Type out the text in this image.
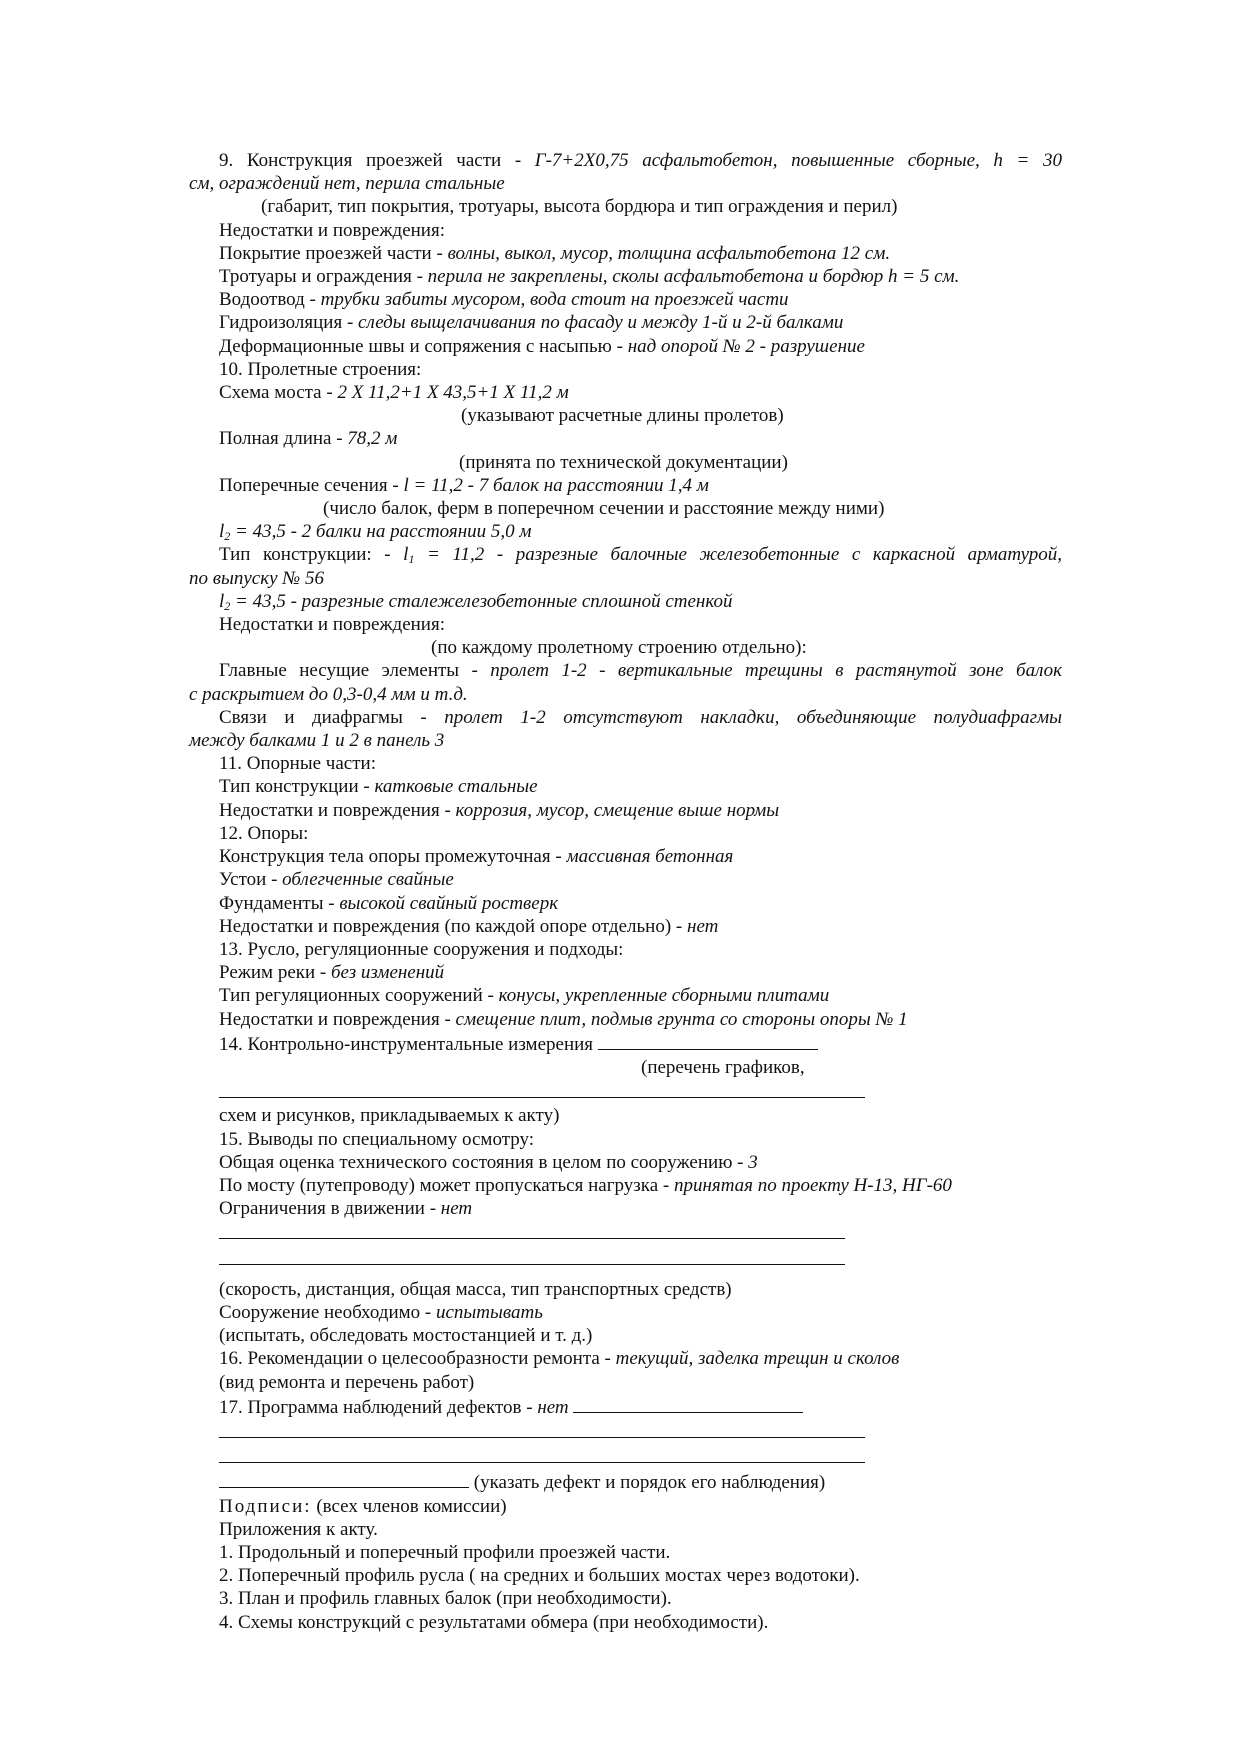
9. Конструкция проезжей части - Г-7+2Х0,75 асфальтобетон, повышенные сборные, h = 30
см, ограждений нет, перила стальные
(габарит, тип покрытия, тротуары, высота бордюра и тип ограждения и перил)
Недостатки и повреждения:
Покрытие проезжей части - волны, выкол, мусор, толщина асфальтобетона 12 см.
Тротуары и ограждения - перила не закреплены, сколы асфальтобетона и бордюр h = 5 см.
Водоотвод - трубки забиты мусором, вода стоит на проезжей части
Гидроизоляция - следы выщелачивания по фасаду и между 1-й и 2-й балками
Деформационные швы и сопряжения с насыпью - над опорой № 2 - разрушение
10. Пролетные строения:
Схема моста - 2 Х 11,2+1 Х 43,5+1 Х 11,2 м
(указывают расчетные длины пролетов)
Полная длина - 78,2 м
(принята по технической документации)
Поперечные сечения - l = 11,2 - 7 балок на расстоянии 1,4 м
(число балок, ферм в поперечном сечении и расстояние между ними)
$l_2 = 43,5 - 2$ балки на расстоянии 5,0 м
Тип конструкции: - $l_1 = 11,2$ - разрезные балочные железобетонные с каркасной арматурой,
по выпуску № 56
$l_2 = 43,5$ - разрезные сталежелезобетонные сплошной стенкой
Недостатки и повреждения:
(по каждому пролетному строению отдельно):
Главные несущие элементы - пролет 1-2 - вертикальные трещины в растянутой зоне балок
с раскрытием до 0,3-0,4 мм и т.д.
Связи и диафрагмы - пролет 1-2 отсутствуют накладки, объединяющие полудиафрагмы
между балками 1 и 2 в панель 3
11. Опорные части:
Тип конструкции - катковые стальные
Недостатки и повреждения - коррозия, мусор, смещение выше нормы
12. Опоры:
Конструкция тела опоры промежуточная - массивная бетонная
Устои - облегченные свайные
Фундаменты - высокой свайный ростверк
Недостатки и повреждения (по каждой опоре отдельно) - нет
13. Русло, регуляционные сооружения и подходы:
Режим реки - без изменений
Тип регуляционных сооружений - конусы, укрепленные сборными плитами
Недостатки и повреждения - смещение плит, подмыв грунта со стороны опоры № 1
14. Контрольно-инструментальные измерения
(перечень графиков,
схем и рисунков, прикладываемых к акту)
15. Выводы по специальному осмотру:
Общая оценка технического состояния в целом по сооружению - 3
По мосту (путепроводу) может пропускаться нагрузка - принятая по проекту Н-13, НГ-60
Ограничения в движении - нет
(скорость, дистанция, общая масса, тип транспортных средств)
Сооружение необходимо - испытывать
(испытать, обследовать мостостанцией и т. д.)
16. Рекомендации о целесообразности ремонта - текущий, заделка трещин и сколов
(вид ремонта и перечень работ)
17. Программа наблюдений дефектов - нет
(указать дефект и порядок его наблюдения)
Подписи: (всех членов комиссии)
Приложения к акту.
1. Продольный и поперечный профили проезжей части.
2. Поперечный профиль русла ( на средних и больших мостах через водотоки).
3. План и профиль главных балок (при необходимости).
4. Схемы конструкций с результатами обмера (при необходимости).
